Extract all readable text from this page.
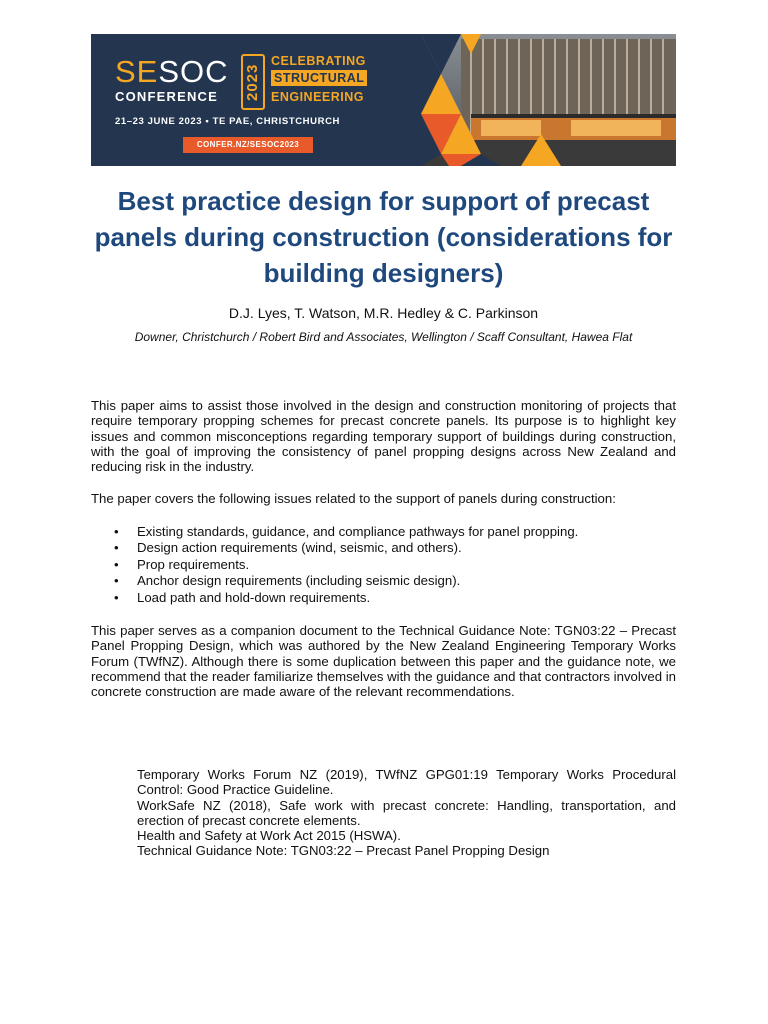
SESOC
CONFERENCE 2023
CELEBRATING
STRUCTURAL
ENGINEERING
21–23 JUNE 2023 • TE PAE, CHRISTCHURCH
CONFER.NZ/SESOC2023
Best practice design for support of precast panels during construction (considerations for building designers)
D.J. Lyes, T. Watson, M.R. Hedley & C. Parkinson
Downer, Christchurch / Robert Bird and Associates, Wellington / Scaff Consultant, Hawea Flat

This paper aims to assist those involved in the design and construction monitoring of projects that require temporary propping schemes for precast concrete panels. Its purpose is to highlight key issues and common misconceptions regarding temporary support of buildings during construction, with the goal of improving the consistency of panel propping designs across New Zealand and reducing risk in the industry.

The paper covers the following issues related to the support of panels during construction:

• Existing standards, guidance, and compliance pathways for panel propping.
• Design action requirements (wind, seismic, and others).
• Prop requirements.
• Anchor design requirements (including seismic design).
• Load path and hold-down requirements.

This paper serves as a companion document to the Technical Guidance Note: TGN03:22 – Precast Panel Propping Design, which was authored by the New Zealand Engineering Temporary Works Forum (TWfNZ). Although there is some duplication between this paper and the guidance note, we recommend that the reader familiarize themselves with the guidance and that contractors involved in concrete construction are made aware of the relevant recommendations.

Temporary Works Forum NZ (2019), TWfNZ GPG01:19 Temporary Works Procedural Control: Good Practice Guideline.
WorkSafe NZ (2018), Safe work with precast concrete: Handling, transportation, and erection of precast concrete elements.
Health and Safety at Work Act 2015 (HSWA).
Technical Guidance Note: TGN03:22 – Precast Panel Propping Design
